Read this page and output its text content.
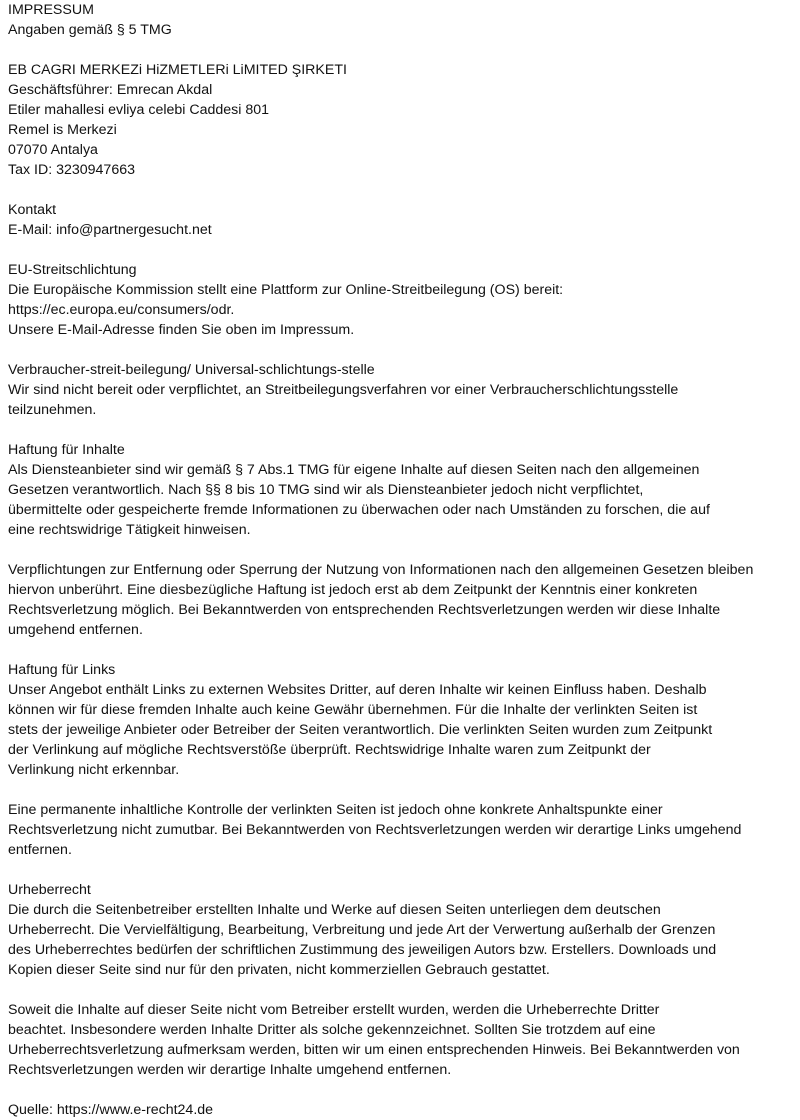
IMPRESSUM
Angaben gemäß § 5 TMG
EB CAGRI MERKEZi HiZMETLERi LiMITED ŞIRKETI
Geschäftsführer: Emrecan Akdal
Etiler mahallesi evliya celebi Caddesi 801
Remel is Merkezi
07070 Antalya
Tax ID: 3230947663
Kontakt
E-Mail: info@partnergesucht.net
EU-Streitschlichtung
Die Europäische Kommission stellt eine Plattform zur Online-Streitbeilegung (OS) bereit:
https://ec.europa.eu/consumers/odr.
Unsere E-Mail-Adresse finden Sie oben im Impressum.
Verbraucher-streit-beilegung/ Universal-schlichtungs-stelle
Wir sind nicht bereit oder verpflichtet, an Streitbeilegungsverfahren vor einer Verbraucherschlichtungsstelle
teilzunehmen.
Haftung für Inhalte
Als Diensteanbieter sind wir gemäß § 7 Abs.1 TMG für eigene Inhalte auf diesen Seiten nach den allgemeinen
Gesetzen verantwortlich. Nach §§ 8 bis 10 TMG sind wir als Diensteanbieter jedoch nicht verpflichtet,
übermittelte oder gespeicherte fremde Informationen zu überwachen oder nach Umständen zu forschen, die auf
eine rechtswidrige Tätigkeit hinweisen.
Verpflichtungen zur Entfernung oder Sperrung der Nutzung von Informationen nach den allgemeinen Gesetzen bleiben
hiervon unberührt. Eine diesbezügliche Haftung ist jedoch erst ab dem Zeitpunkt der Kenntnis einer konkreten
Rechtsverletzung möglich. Bei Bekanntwerden von entsprechenden Rechtsverletzungen werden wir diese Inhalte
umgehend entfernen.
Haftung für Links
Unser Angebot enthält Links zu externen Websites Dritter, auf deren Inhalte wir keinen Einfluss haben. Deshalb
können wir für diese fremden Inhalte auch keine Gewähr übernehmen. Für die Inhalte der verlinkten Seiten ist
stets der jeweilige Anbieter oder Betreiber der Seiten verantwortlich. Die verlinkten Seiten wurden zum Zeitpunkt
der Verlinkung auf mögliche Rechtsverstöße überprüft. Rechtswidrige Inhalte waren zum Zeitpunkt der
Verlinkung nicht erkennbar.
Eine permanente inhaltliche Kontrolle der verlinkten Seiten ist jedoch ohne konkrete Anhaltspunkte einer
Rechtsverletzung nicht zumutbar. Bei Bekanntwerden von Rechtsverletzungen werden wir derartige Links umgehend
entfernen.
Urheberrecht
Die durch die Seitenbetreiber erstellten Inhalte und Werke auf diesen Seiten unterliegen dem deutschen
Urheberrecht. Die Vervielfältigung, Bearbeitung, Verbreitung und jede Art der Verwertung außerhalb der Grenzen
des Urheberrechtes bedürfen der schriftlichen Zustimmung des jeweiligen Autors bzw. Erstellers. Downloads und
Kopien dieser Seite sind nur für den privaten, nicht kommerziellen Gebrauch gestattet.
Soweit die Inhalte auf dieser Seite nicht vom Betreiber erstellt wurden, werden die Urheberrechte Dritter
beachtet. Insbesondere werden Inhalte Dritter als solche gekennzeichnet. Sollten Sie trotzdem auf eine
Urheberrechtsverletzung aufmerksam werden, bitten wir um einen entsprechenden Hinweis. Bei Bekanntwerden von
Rechtsverletzungen werden wir derartige Inhalte umgehend entfernen.
Quelle: https://www.e-recht24.de
